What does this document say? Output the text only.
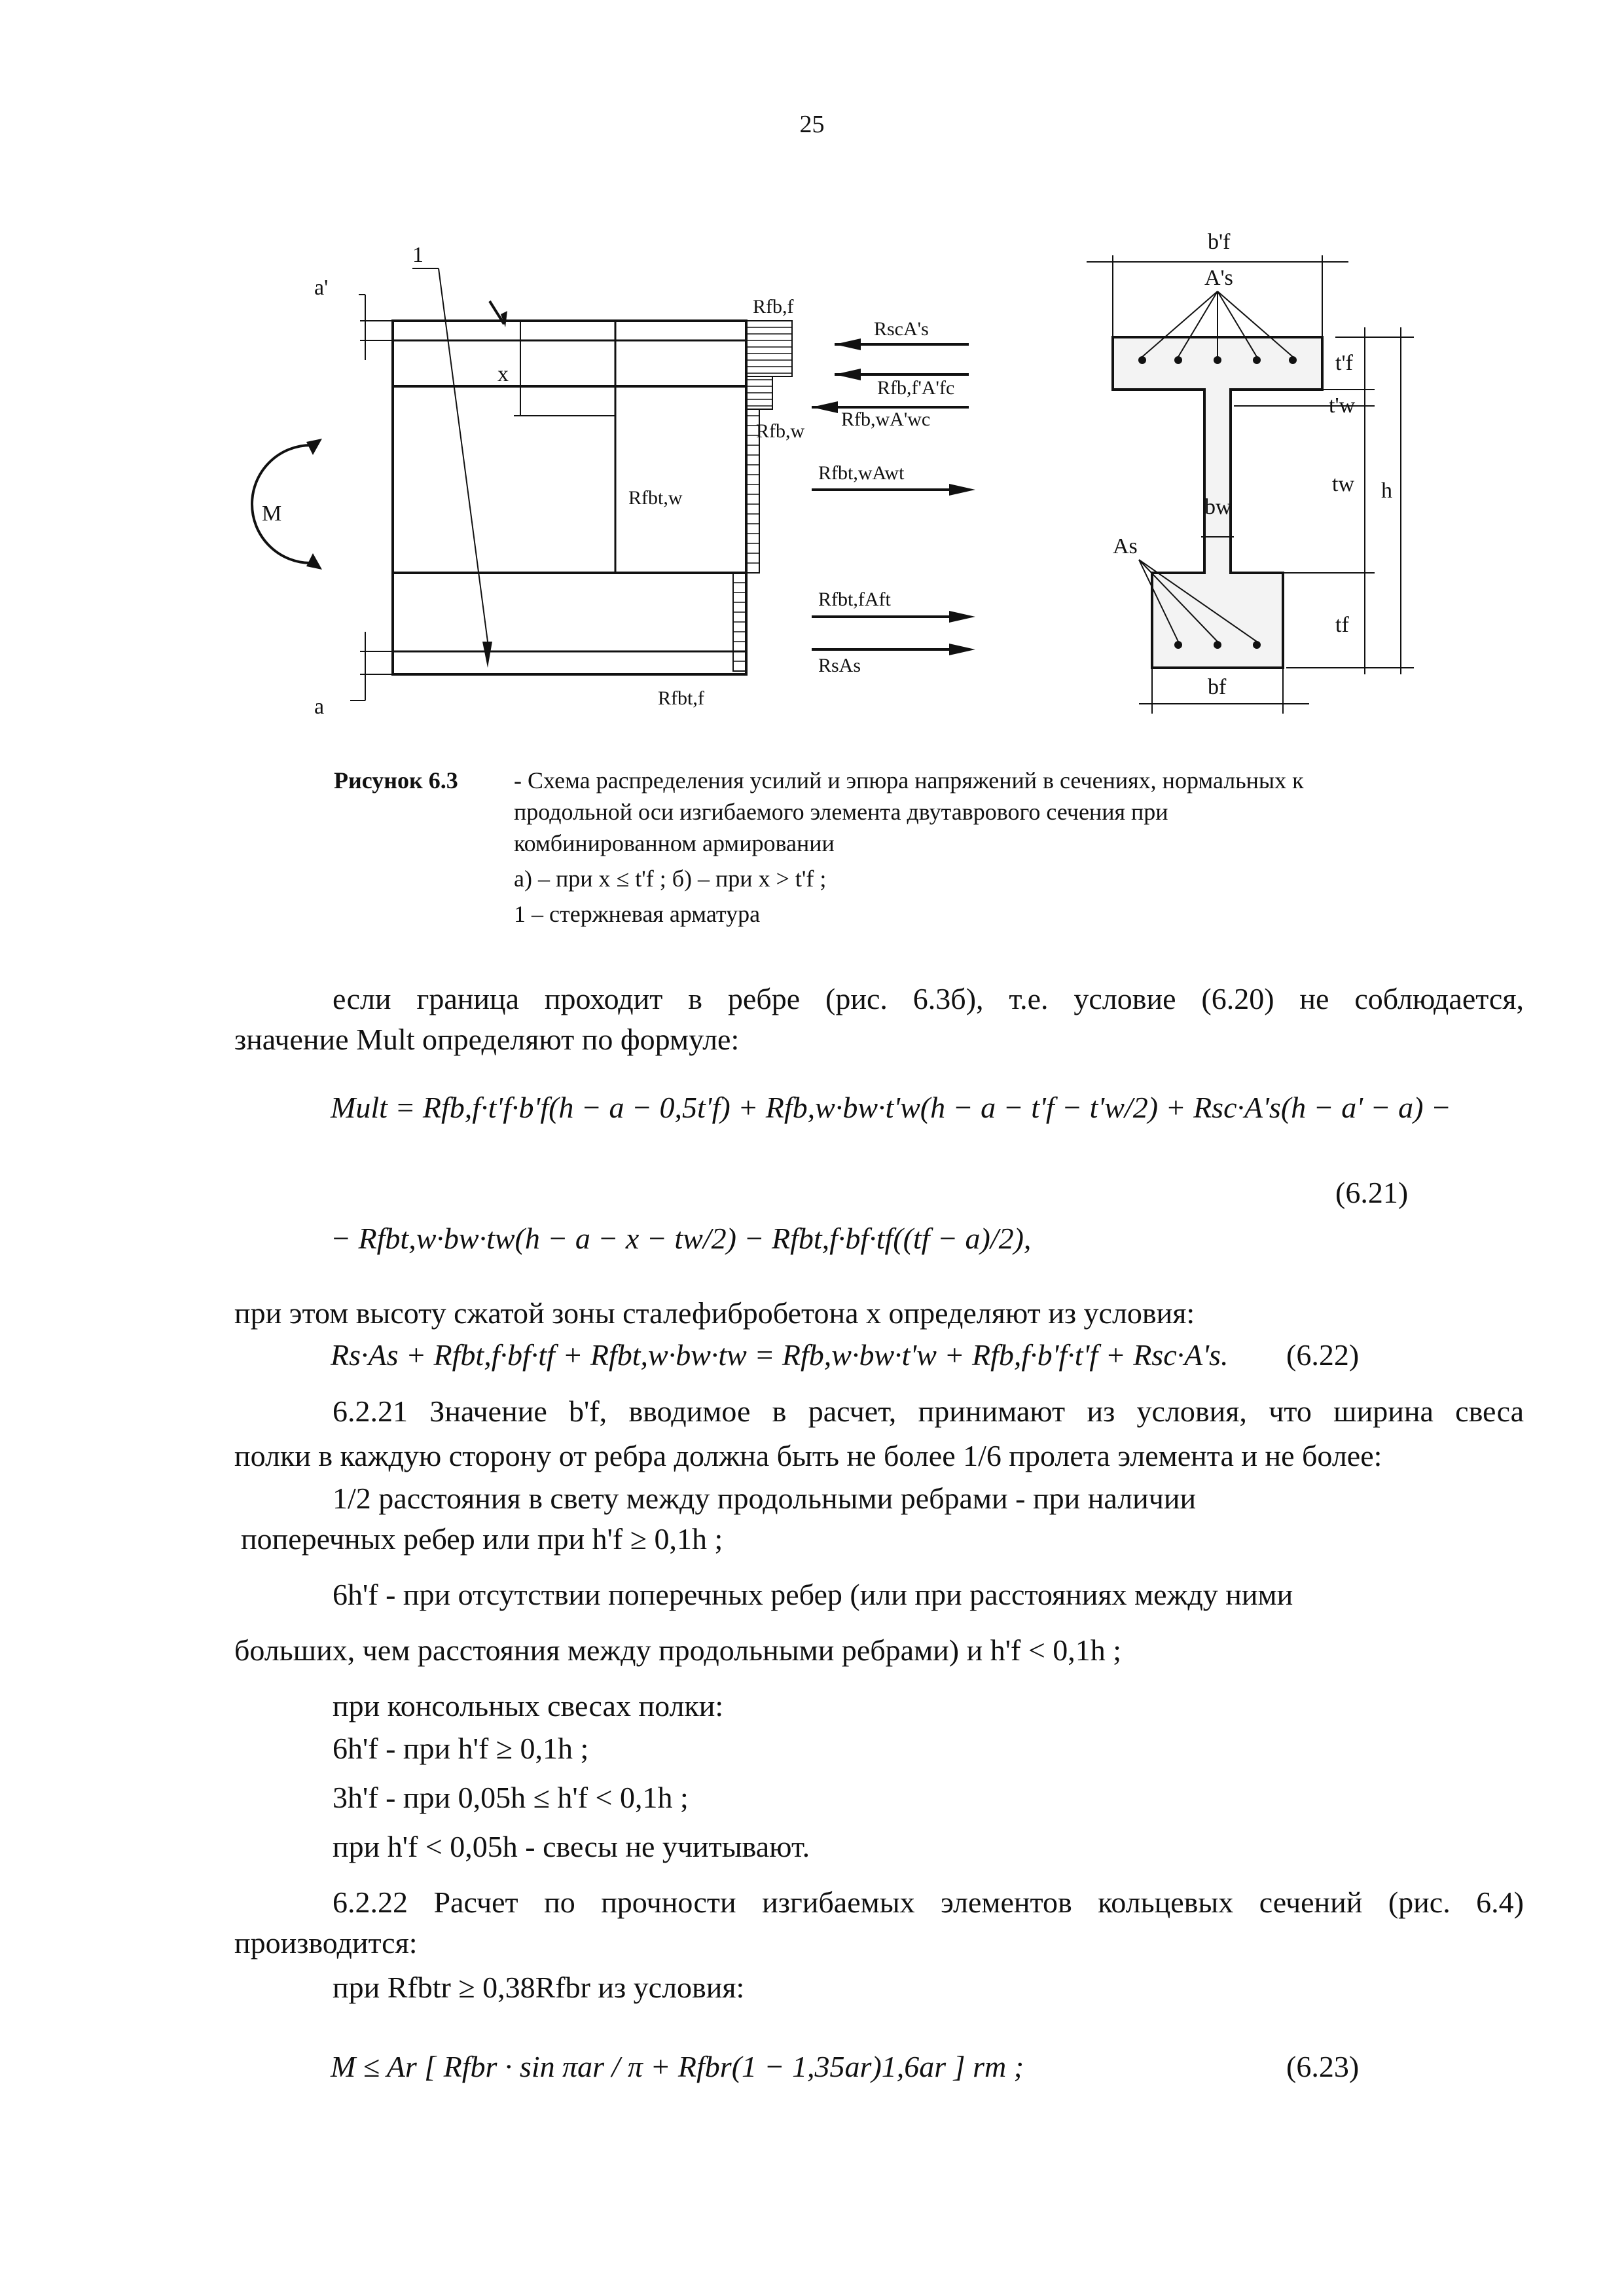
25
a'
1
x
M
a
Rfb,f
Rfb,w
Rfbt,w
Rfbt,f
RscA's
Rfb,f'A'fc
Rfb,wA'wc
Rfbt,wAwt
Rfbt,fAft
RsAs
b'f
A's
t'f
t'w
tw h
bw
As
tf
bf
Рисунок 6.3	- Схема распределения усилий и эпюра напряжений в сечениях, нормальных к
продольной оси изгибаемого элемента двутаврового сечения при
комбинированном армировании
а) – при x ≤ t'f ; б) – при x > t'f ;
1 – стержневая арматура
если граница проходит в ребре (рис. 6.3б), т.е. условие (6.20) не соблюдается,
значение Mult определяют по формуле:
Mult = Rfb,f·t'f·b'f(h − a − 0,5t'f) + Rfb,w·bw·t'w(h − a − t'f − t'w/2) + Rsc·A's(h − a' − a) −
(6.21)
− Rfbt,w·bw·tw(h − a − x − tw/2) − Rfbt,f·bf·tf((tf − a)/2),
при этом высоту сжатой зоны сталефибробетона x определяют из условия:
Rs·As + Rfbt,f·bf·tf + Rfbt,w·bw·tw = Rfb,w·bw·t'w + Rfb,f·b'f·t'f + Rsc·A's. (6.22)
6.2.21 Значение b'f, вводимое в расчет, принимают из условия, что ширина свеса
полки в каждую сторону от ребра должна быть не более 1/6 пролета элемента и не более:
1/2 расстояния в свету между продольными ребрами - при наличии
поперечных ребер или при h'f ≥ 0,1h ;
6h'f - при отсутствии поперечных ребер (или при расстояниях между ними
больших, чем расстояния между продольными ребрами) и h'f < 0,1h ;
при консольных свесах полки:
6h'f - при h'f ≥ 0,1h ;
3h'f - при 0,05h ≤ h'f < 0,1h ;
при h'f < 0,05h - свесы не учитывают.
6.2.22 Расчет по прочности изгибаемых элементов кольцевых сечений (рис. 6.4)
производится:
при Rfbtr ≥ 0,38Rfbr из условия:
M ≤ Ar [ Rfbr · sin πar / π + Rfbr(1 − 1,35ar)1,6ar ] rm ;	(6.23)
